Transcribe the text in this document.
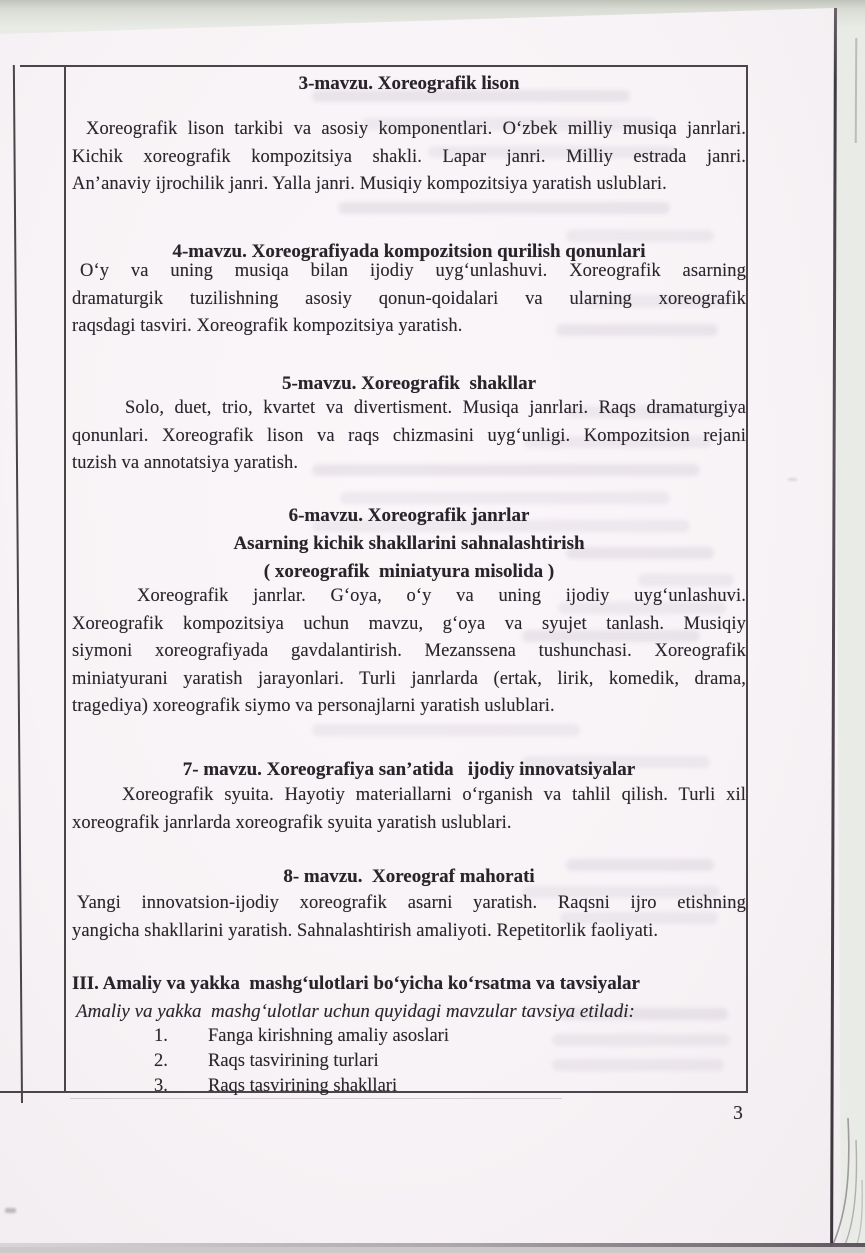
3-mavzu. Xoreografik lison
Xoreografik lison tarkibi va asosiy komponentlari. O‘zbek milliy musiqa janrlari.
Kichik xoreografik kompozitsiya shakli. Lapar janri. Milliy estrada janri.
An’anaviy ijrochilik janri. Yalla janri. Musiqiy kompozitsiya yaratish uslublari.
4-mavzu. Xoreografiyada kompozitsion qurilish qonunlari
O‘y va uning musiqa bilan ijodiy uyg‘unlashuvi. Xoreografik asarning
dramaturgik tuzilishning asosiy qonun-qoidalari va ularning xoreografik
raqsdagi tasviri. Xoreografik kompozitsiya yaratish.
5-mavzu. Xoreografik  shakllar
Solo, duet, trio, kvartet va divertisment. Musiqa janrlari. Raqs dramaturgiya
qonunlari. Xoreografik lison va raqs chizmasini uyg‘unligi. Kompozitsion rejani
tuzish va annotatsiya yaratish.
6-mavzu. Xoreografik janrlar
Asarning kichik shakllarini sahnalashtirish
( xoreografik  miniatyura misolida )
Xoreografik janrlar. G‘oya, o‘y va uning ijodiy uyg‘unlashuvi.
Xoreografik kompozitsiya uchun mavzu, g‘oya va syujet tanlash. Musiqiy
siymoni xoreografiyada gavdalantirish. Mezanssena tushunchasi. Xoreografik
miniatyurani yaratish jarayonlari. Turli janrlarda (ertak, lirik, komedik, drama,
tragediya) xoreografik siymo va personajlarni yaratish uslublari.
7- mavzu. Xoreografiya san’atida   ijodiy innovatsiyalar
Xoreografik syuita. Hayotiy materiallarni o‘rganish va tahlil qilish. Turli xil
xoreografik janrlarda xoreografik syuita yaratish uslublari.
8- mavzu.  Xoreograf mahorati
Yangi innovatsion-ijodiy xoreografik asarni yaratish. Raqsni ijro etishning
yangicha shakllarini yaratish. Sahnalashtirish amaliyoti. Repetitorlik faoliyati.
III. Amaliy va yakka  mashg‘ulotlari bo‘yicha ko‘rsatma va tavsiyalar
Amaliy va yakka  mashg‘ulotlar uchun quyidagi mavzular tavsiya etiladi:
1. Fanga kirishning amaliy asoslari
2. Raqs tasvirining turlari
3. Raqs tasvirining shakllari
3
